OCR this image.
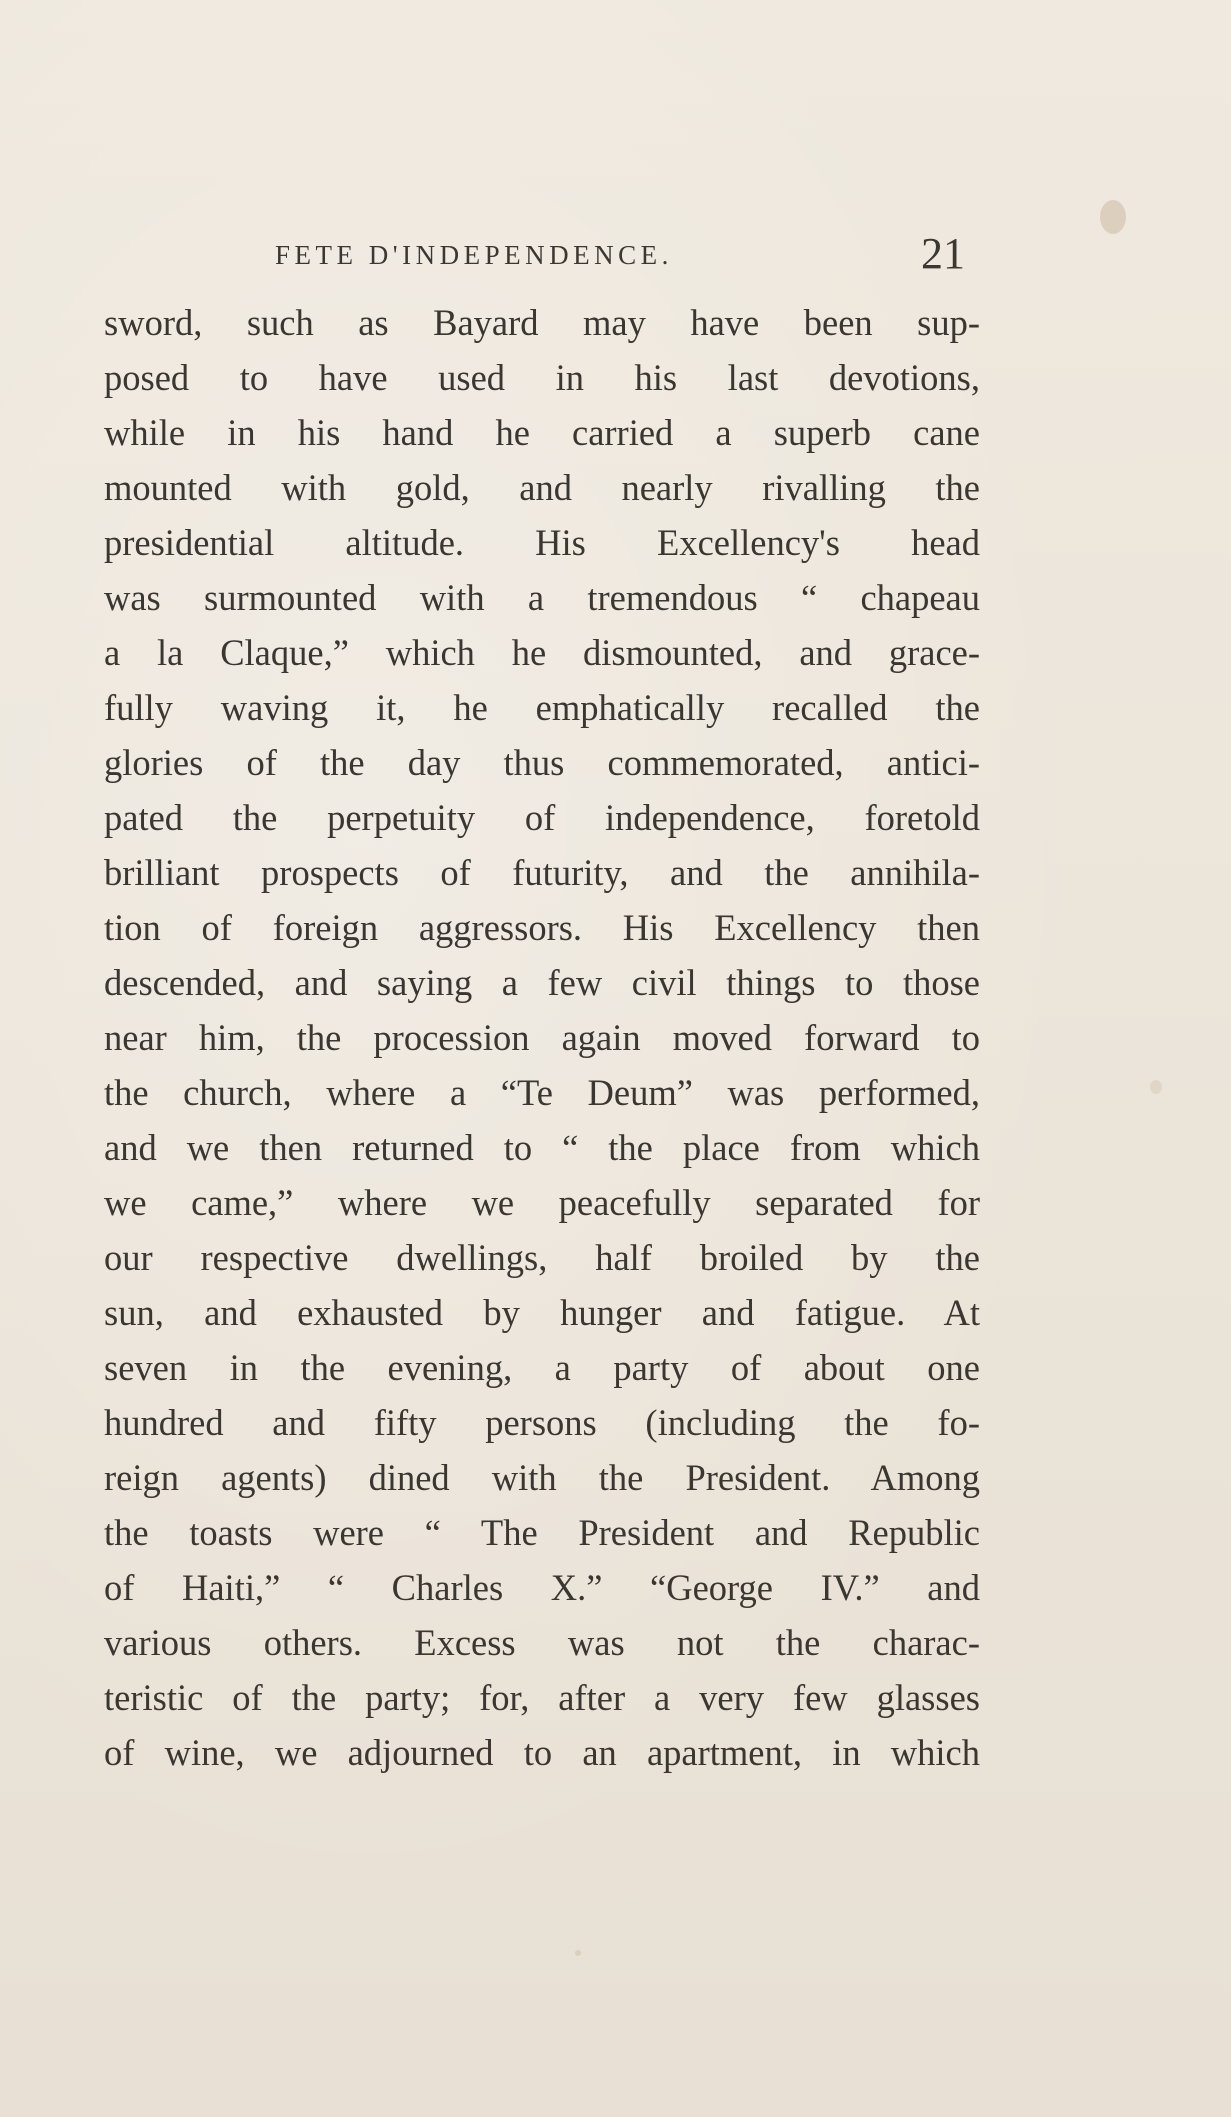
FETE D'INDEPENDENCE.	21
sword, such as Bayard may have been sup-
posed to have used in his last devotions,
while in his hand he carried a superb cane
mounted with gold, and nearly rivalling the
presidential altitude. His Excellency's head
was surmounted with a tremendous “ chapeau
a la Claque,” which he dismounted, and grace-
fully waving it, he emphatically recalled the
glories of the day thus commemorated, antici-
pated the perpetuity of independence, foretold
brilliant prospects of futurity, and the annihila-
tion of foreign aggressors. His Excellency then
descended, and saying a few civil things to those
near him, the procession again moved forward to
the church, where a “Te Deum” was performed,
and we then returned to “ the place from which
we came,” where we peacefully separated for
our respective dwellings, half broiled by the
sun, and exhausted by hunger and fatigue. At
seven in the evening, a party of about one
hundred and fifty persons (including the fo-
reign agents) dined with the President. Among
the toasts were “ The President and Republic
of Haiti,” “ Charles X.” “George IV.” and
various others. Excess was not the charac-
teristic of the party; for, after a very few glasses
of wine, we adjourned to an apartment, in which
